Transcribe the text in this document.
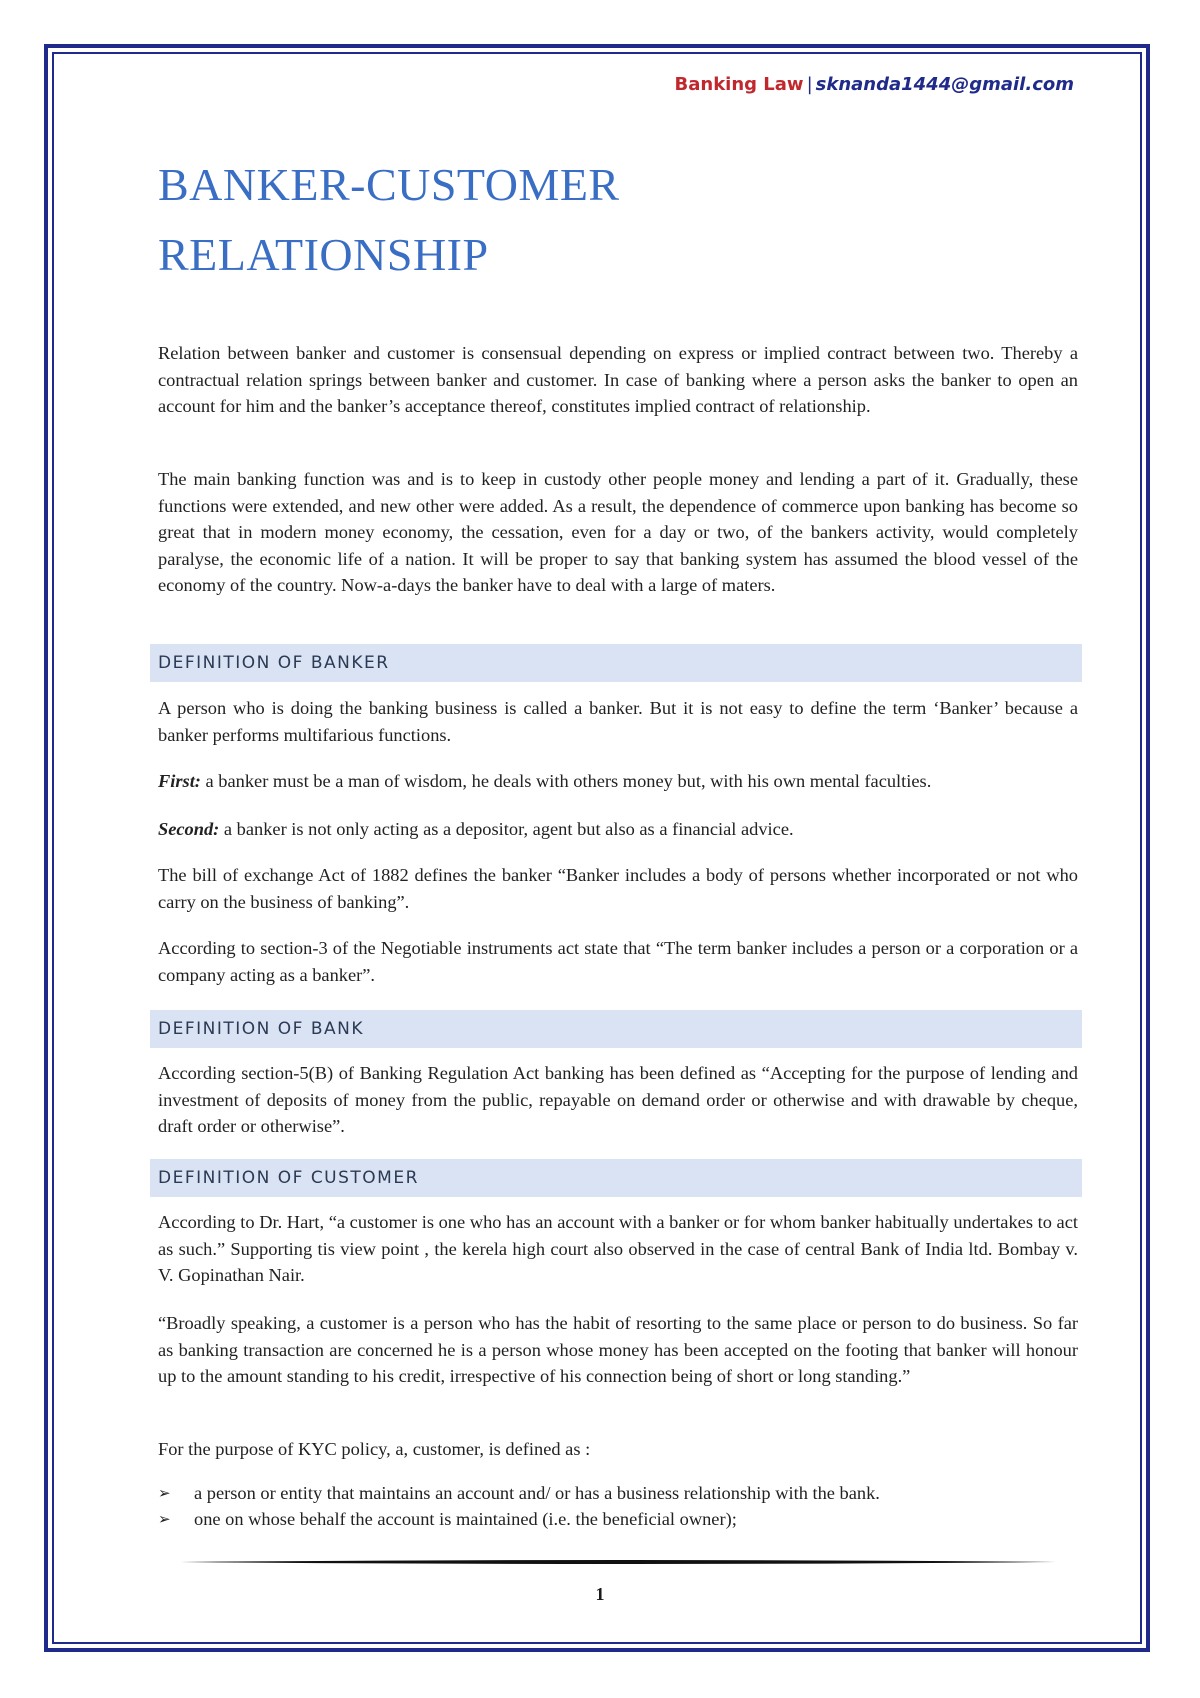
Banking Law | sknanda1444@gmail.com
BANKER-CUSTOMER
RELATIONSHIP

Relation between banker and customer is consensual depending on express or implied contract between two. Thereby a contractual relation springs between banker and customer. In case of banking where a person asks the banker to open an account for him and the banker’s acceptance thereof, constitutes implied contract of relationship.

The main banking function was and is to keep in custody other people money and lending a part of it. Gradually, these functions were extended, and new other were added. As a result, the dependence of commerce upon banking has become so great that in modern money economy, the cessation, even for a day or two, of the bankers activity, would completely paralyse, the economic life of a nation. It will be proper to say that banking system has assumed the blood vessel of the economy of the country. Now-a-days the banker have to deal with a large of maters.

DEFINITION OF BANKER

A person who is doing the banking business is called a banker. But it is not easy to define the term ‘Banker’ because a banker performs multifarious functions.

First: a banker must be a man of wisdom, he deals with others money but, with his own mental faculties.

Second: a banker is not only acting as a depositor, agent but also as a financial advice.

The bill of exchange Act of 1882 defines the banker “Banker includes a body of persons whether incorporated or not who carry on the business of banking”.

According to section-3 of the Negotiable instruments act state that “The term banker includes a person or a corporation or a company acting as a banker”.

DEFINITION OF BANK

According section-5(B) of Banking Regulation Act banking has been defined as “Accepting for the purpose of lending and investment of deposits of money from the public, repayable on demand order or otherwise and with drawable by cheque, draft order or otherwise”.

DEFINITION OF CUSTOMER

According to Dr. Hart, “a customer is one who has an account with a banker or for whom banker habitually undertakes to act as such.” Supporting tis view point , the kerela high court also observed in the case of central Bank of India ltd. Bombay v. V. Gopinathan Nair.

“Broadly speaking, a customer is a person who has the habit of resorting to the same place or person to do business. So far as banking transaction are concerned he is a person whose money has been accepted on the footing that banker will honour up to the amount standing to his credit, irrespective of his connection being of short or long standing.”

For the purpose of KYC policy, a, customer, is defined as :

➢ a person or entity that maintains an account and/ or has a business relationship with the bank.
➢ one on whose behalf the account is maintained (i.e. the beneficial owner);
1
